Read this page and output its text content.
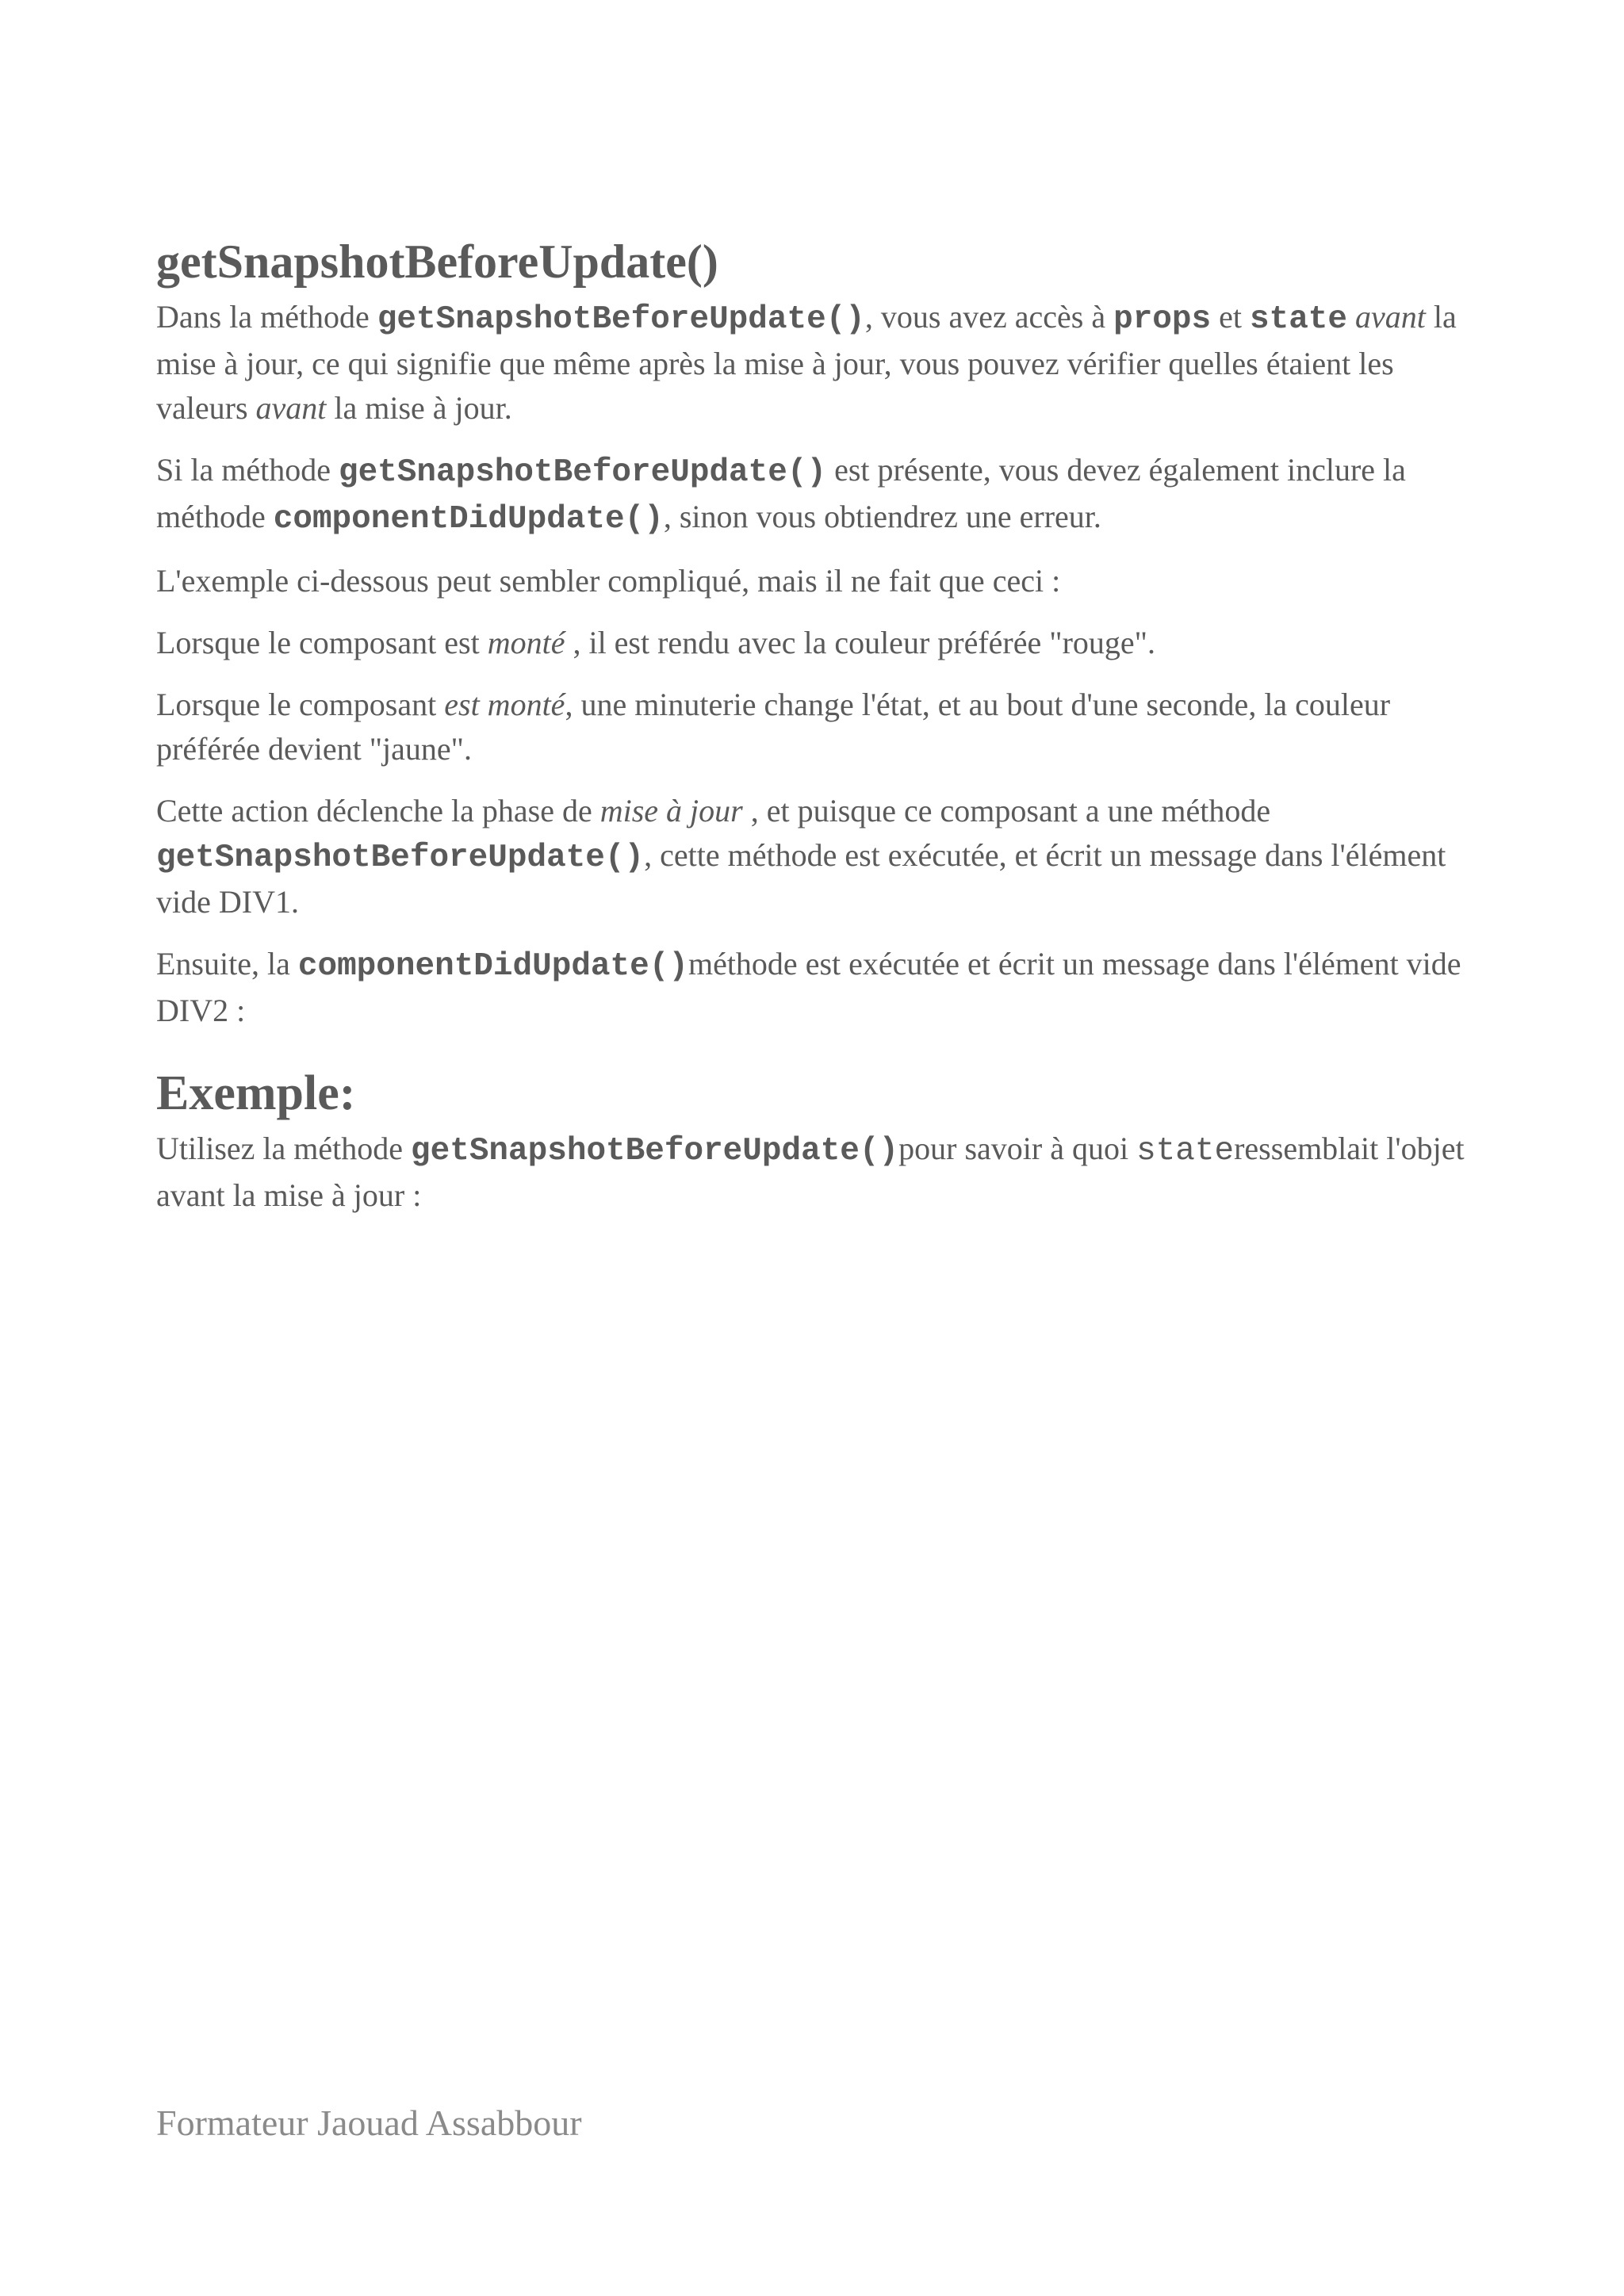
getSnapshotBeforeUpdate()

Dans la méthode getSnapshotBeforeUpdate(), vous avez accès à props et state avant la mise à jour, ce qui signifie que même après la mise à jour, vous pouvez vérifier quelles étaient les valeurs avant la mise à jour.

Si la méthode getSnapshotBeforeUpdate() est présente, vous devez également inclure la méthode componentDidUpdate(), sinon vous obtiendrez une erreur.

L'exemple ci-dessous peut sembler compliqué, mais il ne fait que ceci :

Lorsque le composant est monté , il est rendu avec la couleur préférée "rouge".

Lorsque le composant est monté, une minuterie change l'état, et au bout d'une seconde, la couleur préférée devient "jaune".

Cette action déclenche la phase de mise à jour , et puisque ce composant a une méthode getSnapshotBeforeUpdate(), cette méthode est exécutée, et écrit un message dans l'élément vide DIV1.

Ensuite, la componentDidUpdate()méthode est exécutée et écrit un message dans l'élément vide DIV2 :

Exemple:

Utilisez la méthode getSnapshotBeforeUpdate()pour savoir à quoi stateressemblait l'objet avant la mise à jour :

Formateur Jaouad Assabbour
